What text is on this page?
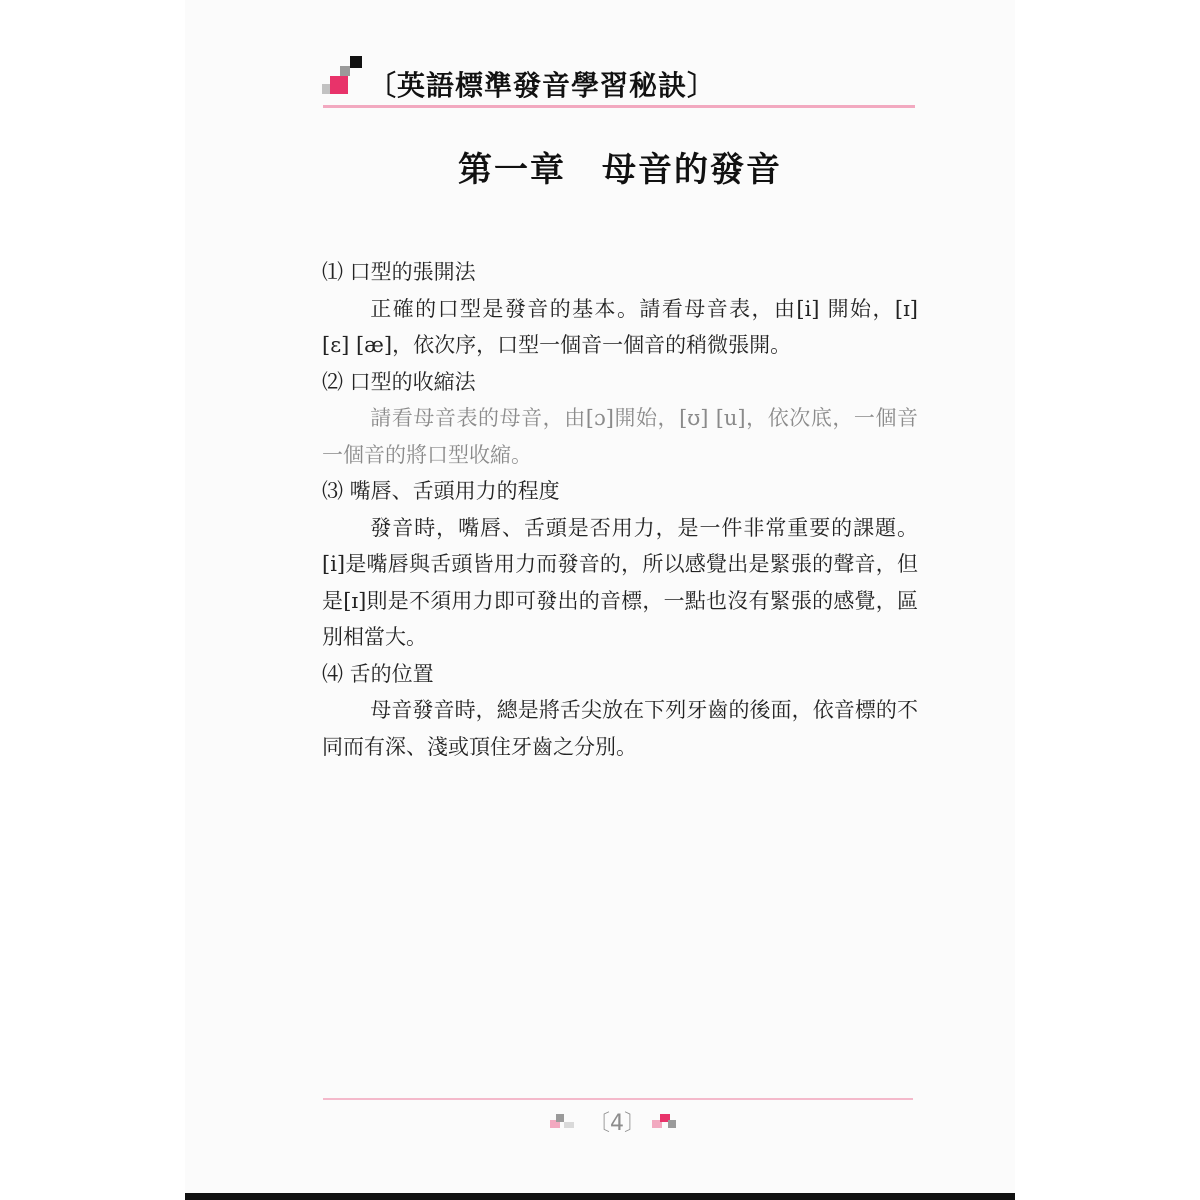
〔英語標準發音學習秘訣〕
第一章　母音的發音

⑴ 口型的張開法

正確的口型是發音的基本。請看母音表，由[i] 開始，[ɪ] [ɛ] [æ]，依次序，口型一個音一個音的稍微張開。

⑵ 口型的收縮法

請看母音表的母音，由[ɔ]開始，[ʊ] [u]，依次底，一個音一個音的將口型收縮。

⑶ 嘴唇、舌頭用力的程度

發音時，嘴唇、舌頭是否用力，是一件非常重要的課題。[i]是嘴唇與舌頭皆用力而發音的，所以感覺出是緊張的聲音，但是[ɪ]則是不須用力即可發出的音標，一點也沒有緊張的感覺，區別相當大。

⑷ 舌的位置

母音發音時，總是將舌尖放在下列牙齒的後面，依音標的不同而有深、淺或頂住牙齒之分別。

〔4〕
